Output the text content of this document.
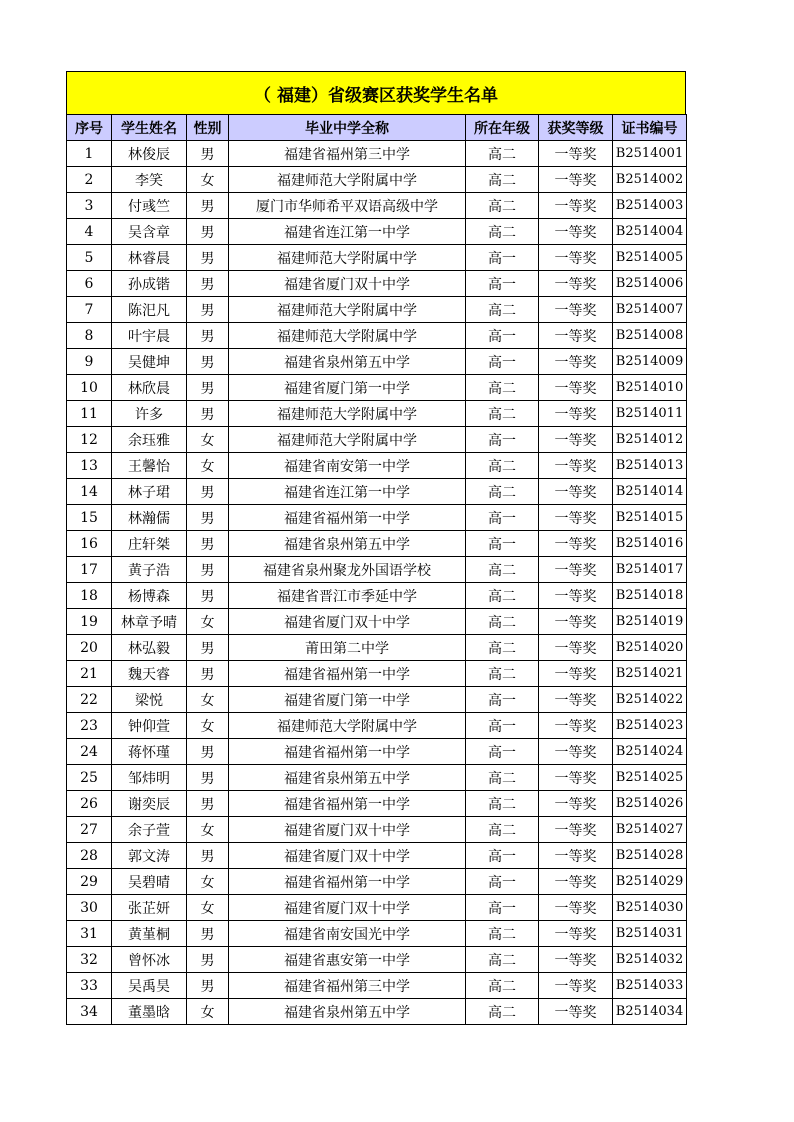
（ 福建）省级赛区获奖学生名单
序号	学生姓名	性别	毕业中学全称	所在年级	获奖等级	证书编号
1	林俊辰	男	福建省福州第三中学	高二	一等奖	B2514001
2	李笑	女	福建师范大学附属中学	高二	一等奖	B2514002
3	付彧竺	男	厦门市华师希平双语高级中学	高二	一等奖	B2514003
4	吴含章	男	福建省连江第一中学	高二	一等奖	B2514004
5	林睿晨	男	福建师范大学附属中学	高一	一等奖	B2514005
6	孙成锴	男	福建省厦门双十中学	高一	一等奖	B2514006
7	陈汜凡	男	福建师范大学附属中学	高二	一等奖	B2514007
8	叶宇晨	男	福建师范大学附属中学	高一	一等奖	B2514008
9	吴健坤	男	福建省泉州第五中学	高一	一等奖	B2514009
10	林欣晨	男	福建省厦门第一中学	高二	一等奖	B2514010
11	许多	男	福建师范大学附属中学	高二	一等奖	B2514011
12	余珏雅	女	福建师范大学附属中学	高一	一等奖	B2514012
13	王馨怡	女	福建省南安第一中学	高二	一等奖	B2514013
14	林子珺	男	福建省连江第一中学	高二	一等奖	B2514014
15	林瀚儒	男	福建省福州第一中学	高一	一等奖	B2514015
16	庄轩桀	男	福建省泉州第五中学	高一	一等奖	B2514016
17	黄子浩	男	福建省泉州聚龙外国语学校	高二	一等奖	B2514017
18	杨博森	男	福建省晋江市季延中学	高二	一等奖	B2514018
19	林章予晴	女	福建省厦门双十中学	高二	一等奖	B2514019
20	林弘毅	男	莆田第二中学	高二	一等奖	B2514020
21	魏天睿	男	福建省福州第一中学	高二	一等奖	B2514021
22	梁悦	女	福建省厦门第一中学	高一	一等奖	B2514022
23	钟仰萱	女	福建师范大学附属中学	高一	一等奖	B2514023
24	蒋怀瑾	男	福建省福州第一中学	高一	一等奖	B2514024
25	邹炜明	男	福建省泉州第五中学	高二	一等奖	B2514025
26	谢奕辰	男	福建省福州第一中学	高二	一等奖	B2514026
27	余子萱	女	福建省厦门双十中学	高二	一等奖	B2514027
28	郭文涛	男	福建省厦门双十中学	高一	一等奖	B2514028
29	吴碧晴	女	福建省福州第一中学	高一	一等奖	B2514029
30	张芷妍	女	福建省厦门双十中学	高一	一等奖	B2514030
31	黄堇桐	男	福建省南安国光中学	高二	一等奖	B2514031
32	曾怀冰	男	福建省惠安第一中学	高二	一等奖	B2514032
33	吴禹昊	男	福建省福州第三中学	高二	一等奖	B2514033
34	董墨晗	女	福建省泉州第五中学	高二	一等奖	B2514034
